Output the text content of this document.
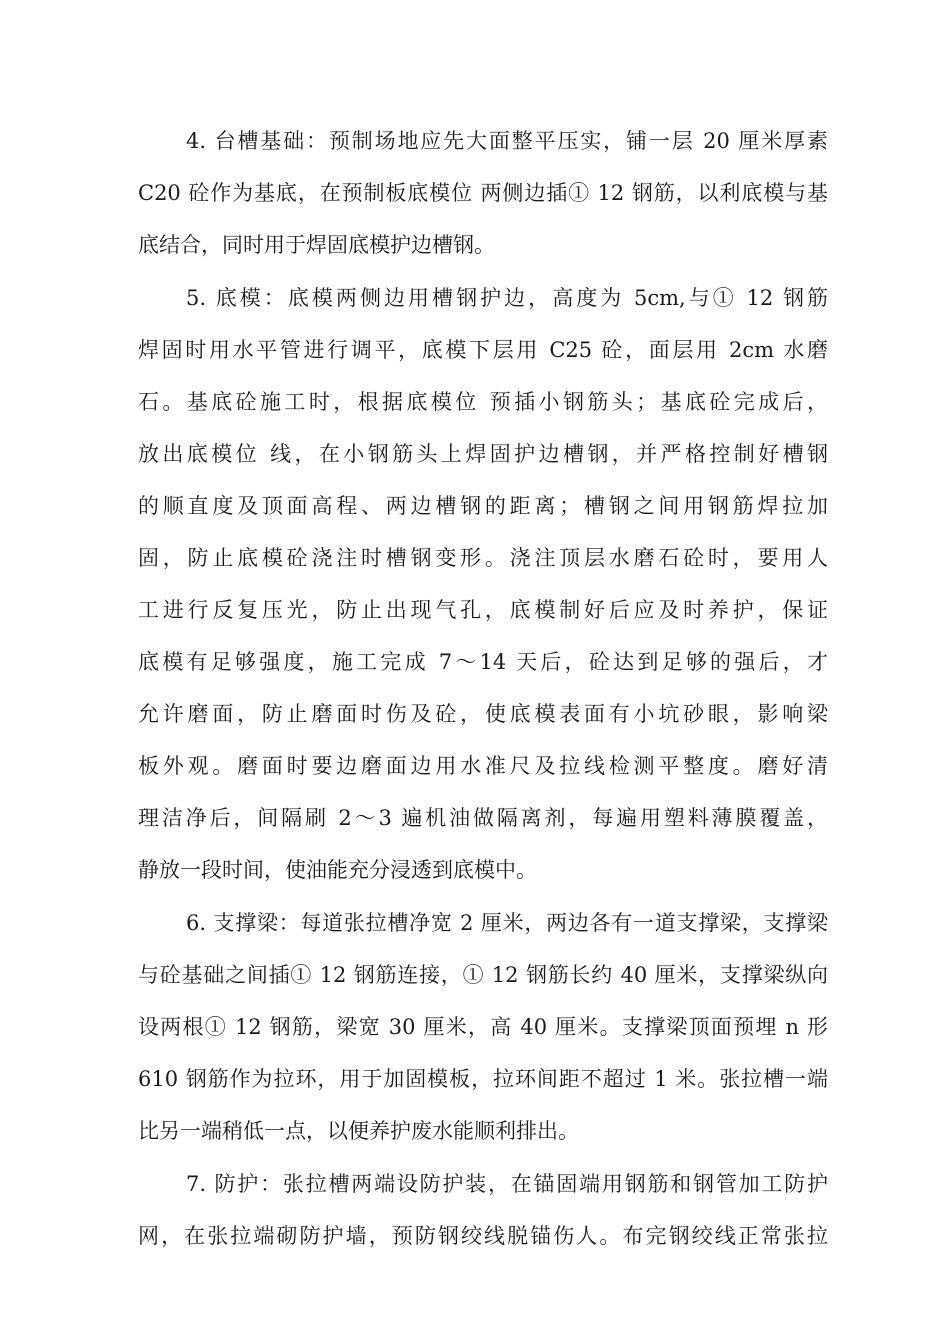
4. 台槽基础：预制场地应先大面整平压实，铺一层 20 厘米厚素
C20 砼作为基底，在预制板底模位 两侧边插① 12 钢筋，以利底模与基
底结合，同时用于焊固底模护边槽钢。
5. 底模：底模两侧边用槽钢护边，高度为 5cm,与① 12 钢筋
焊固时用水平管进行调平，底模下层用 C25 砼，面层用 2cm 水磨
石。基底砼施工时，根据底模位 预插小钢筋头；基底砼完成后，
放出底模位 线，在小钢筋头上焊固护边槽钢，并严格控制好槽钢
的顺直度及顶面高程、两边槽钢的距离；槽钢之间用钢筋焊拉加
固，防止底模砼浇注时槽钢变形。浇注顶层水磨石砼时，要用人
工进行反复压光，防止出现气孔，底模制好后应及时养护，保证
底模有足够强度，施工完成 7〜14 天后，砼达到足够的强后，才
允许磨面，防止磨面时伤及砼，使底模表面有小坑砂眼，影响梁
板外观。磨面时要边磨面边用水准尺及拉线检测平整度。磨好清
理洁净后，间隔刷 2〜3 遍机油做隔离剂，每遍用塑料薄膜覆盖，
静放一段时间，使油能充分浸透到底模中。
6. 支撑梁：每道张拉槽净宽 2 厘米，两边各有一道支撑梁，支撑梁
与砼基础之间插① 12 钢筋连接，① 12 钢筋长约 40 厘米，支撑梁纵向
设两根① 12 钢筋，梁宽 30 厘米，高 40 厘米。支撑梁顶面预埋 n 形
610 钢筋作为拉环，用于加固模板，拉环间距不超过 1 米。张拉槽一端
比另一端稍低一点，以便养护废水能顺利排出。
7. 防护：张拉槽两端设防护装，在锚固端用钢筋和钢管加工防护
网，在张拉端砌防护墙，预防钢绞线脱锚伤人。布完钢绞线正常张拉
